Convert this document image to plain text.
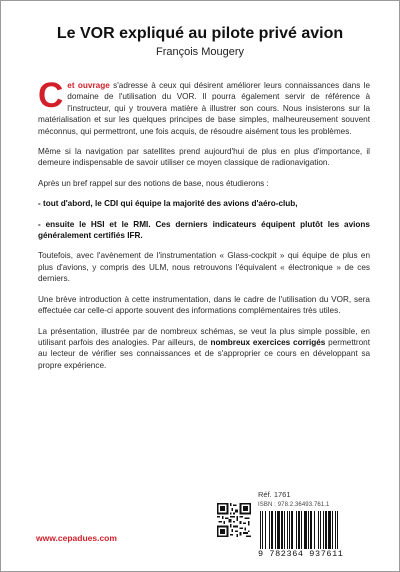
Le VOR expliqué au pilote privé avion
François Mougery

Cet ouvrage s'adresse à ceux qui désirent améliorer leurs connaissances dans le domaine de l'utilisation du VOR. Il pourra également servir de référence à l'instructeur, qui y trouvera matière à illustrer son cours. Nous insisterons sur la matérialisation et sur les quelques principes de base simples, malheureusement souvent méconnus, qui permettront, une fois acquis, de résoudre aisément tous les problèmes.

Même si la navigation par satellites prend aujourd'hui de plus en plus d'importance, il demeure indispensable de savoir utiliser ce moyen classique de radionavigation.

Après un bref rappel sur des notions de base, nous étudierons :

- tout d'abord, le CDI qui équipe la majorité des avions d'aéro-club,

- ensuite le HSI et le RMI. Ces derniers indicateurs équipent plutôt les avions généralement certifiés IFR.

Toutefois, avec l'avènement de l'instrumentation « Glass-cockpit » qui équipe de plus en plus d'avions, y compris des ULM, nous retrouvons l'équivalent « électronique » de ces derniers.

Une brève introduction à cette instrumentation, dans le cadre de l'utilisation du VOR, sera effectuée car celle-ci apporte souvent des informations complémentaires très utiles.

La présentation, illustrée par de nombreux schémas, se veut la plus simple possible, en utilisant parfois des analogies. Par ailleurs, de nombreux exercices corrigés permettront au lecteur de vérifier ses connaissances et de s'approprier ce cours en développant sa propre expérience.

www.cepadues.com
Réf. 1761
ISBN : 978.2.36493.761.1
9 782364 937611
